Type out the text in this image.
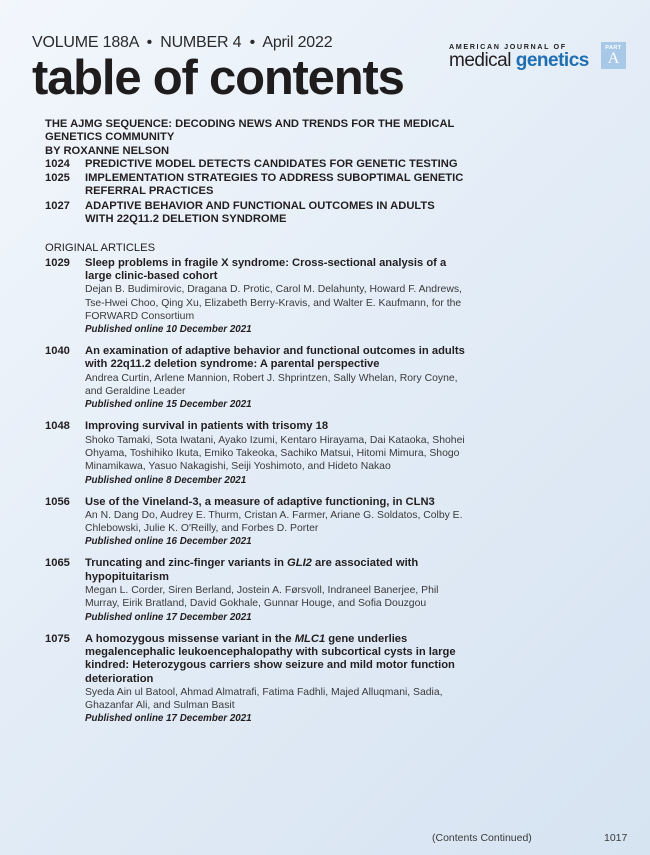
VOLUME 188A • NUMBER 4 • April 2022
table of contents
AMERICAN JOURNAL OF
medical genetics
PART
A
THE AJMG SEQUENCE: DECODING NEWS AND TRENDS FOR THE MEDICAL
GENETICS COMMUNITY
BY ROXANNE NELSON
1024	PREDICTIVE MODEL DETECTS CANDIDATES FOR GENETIC TESTING
1025	IMPLEMENTATION STRATEGIES TO ADDRESS SUBOPTIMAL GENETIC REFERRAL PRACTICES
1027	ADAPTIVE BEHAVIOR AND FUNCTIONAL OUTCOMES IN ADULTS WITH 22Q11.2 DELETION SYNDROME
ORIGINAL ARTICLES
1029	Sleep problems in fragile X syndrome: Cross-sectional analysis of a large clinic-based cohort
Dejan B. Budimirovic, Dragana D. Protic, Carol M. Delahunty, Howard F. Andrews, Tse-Hwei Choo, Qing Xu, Elizabeth Berry-Kravis, and Walter E. Kaufmann, for the FORWARD Consortium
Published online 10 December 2021
1040	An examination of adaptive behavior and functional outcomes in adults with 22q11.2 deletion syndrome: A parental perspective
Andrea Curtin, Arlene Mannion, Robert J. Shprintzen, Sally Whelan, Rory Coyne, and Geraldine Leader
Published online 15 December 2021
1048	Improving survival in patients with trisomy 18
Shoko Tamaki, Sota Iwatani, Ayako Izumi, Kentaro Hirayama, Dai Kataoka, Shohei Ohyama, Toshihiko Ikuta, Emiko Takeoka, Sachiko Matsui, Hitomi Mimura, Shogo Minamikawa, Yasuo Nakagishi, Seiji Yoshimoto, and Hideto Nakao
Published online 8 December 2021
1056	Use of the Vineland-3, a measure of adaptive functioning, in CLN3
An N. Dang Do, Audrey E. Thurm, Cristan A. Farmer, Ariane G. Soldatos, Colby E. Chlebowski, Julie K. O'Reilly, and Forbes D. Porter
Published online 16 December 2021
1065	Truncating and zinc-finger variants in GLI2 are associated with hypopituitarism
Megan L. Corder, Siren Berland, Jostein A. Førsvoll, Indraneel Banerjee, Phil Murray, Eirik Bratland, David Gokhale, Gunnar Houge, and Sofia Douzgou
Published online 17 December 2021
1075	A homozygous missense variant in the MLC1 gene underlies megalencephalic leukoencephalopathy with subcortical cysts in large kindred: Heterozygous carriers show seizure and mild motor function deterioration
Syeda Ain ul Batool, Ahmad Almatrafi, Fatima Fadhli, Majed Alluqmani, Sadia, Ghazanfar Ali, and Sulman Basit
Published online 17 December 2021
(Contents Continued)	1017
